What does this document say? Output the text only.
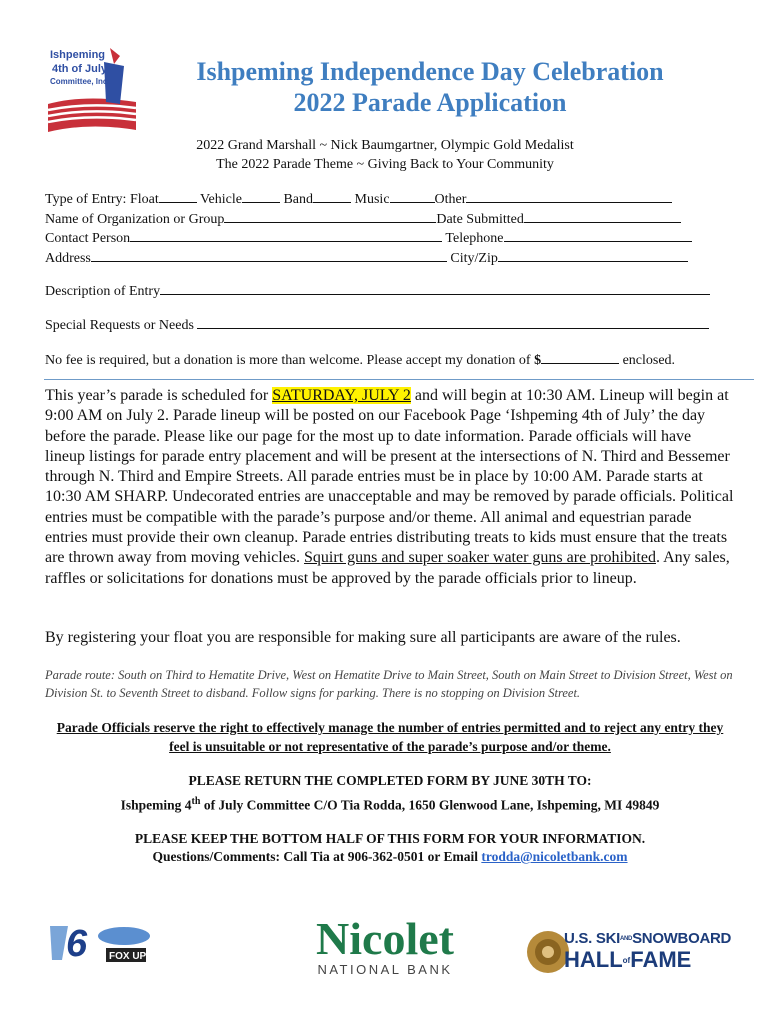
Ishpeming
4th of July
Committee, Inc.	Ishpeming Independence Day Celebration
2022 Parade Application
2022 Grand Marshall ~ Nick Baumgartner, Olympic Gold Medalist
The 2022 Parade Theme ~ Giving Back to Your Community
Type of Entry: Float	Vehicle	Band	Music	Other
Name of Organization or Group	Date Submitted
Contact Person	Telephone
Address	City/Zip
Description of Entry
Special Requests or Needs
No fee is required, but a donation is more than welcome. Please accept my donation of $	enclosed.
This year’s parade is scheduled for SATURDAY, JULY 2 and will begin at 10:30 AM. Lineup will begin at 9:00 AM on July 2. Parade lineup will be posted on our Facebook Page ‘Ishpeming 4th of July’ the day before the parade. Please like our page for the most up to date information. Parade officials will have lineup listings for parade entry placement and will be present at the intersections of N. Third and Bessemer through N. Third and Empire Streets. All parade entries must be in place by 10:00 AM. Parade starts at 10:30 AM SHARP. Undecorated entries are unacceptable and may be removed by parade officials. Political entries must be compatible with the parade’s purpose and/or theme. All animal and equestrian parade entries must provide their own cleanup. Parade entries distributing treats to kids must ensure that the treats are thrown away from moving vehicles. Squirt guns and super soaker water guns are prohibited. Any sales, raffles or solicitations for donations must be approved by the parade officials prior to lineup.
By registering your float you are responsible for making sure all participants are aware of the rules.
Parade route: South on Third to Hematite Drive, West on Hematite Drive to Main Street, South on Main Street to Division Street, West on Division St. to Seventh Street to disband. Follow signs for parking. There is no stopping on Division Street.
Parade Officials reserve the right to effectively manage the number of entries permitted and to reject any entry they feel is unsuitable or not representative of the parade’s purpose and/or theme.
PLEASE RETURN THE COMPLETED FORM BY JUNE 30TH TO:
Ishpeming 4th of July Committee C/O Tia Rodda, 1650 Glenwood Lane, Ishpeming, MI 49849
PLEASE KEEP THE BOTTOM HALF OF THIS FORM FOR YOUR INFORMATION.
Questions/Comments: Call Tia at 906-362-0501 or Email trodda@nicoletbank.com
6 FOX UP	Nicolet
NATIONAL BANK
U.S. SKIANDSNOWBOARD
HALLofFAME
